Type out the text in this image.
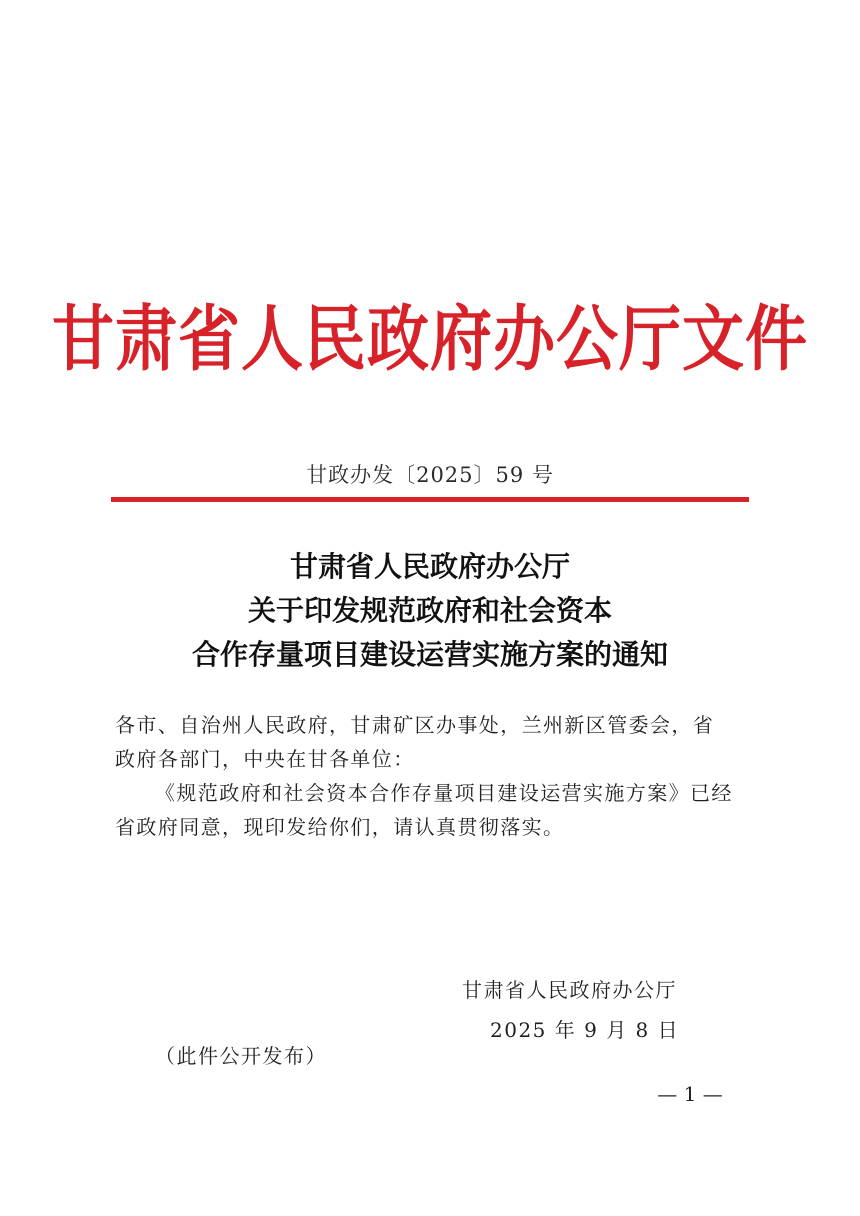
甘肃省人民政府办公厅文件
甘政办发〔2025〕59 号
甘肃省人民政府办公厅
关于印发规范政府和社会资本
合作存量项目建设运营实施方案的通知

各市、自治州人民政府，甘肃矿区办事处，兰州新区管委会，省

政府各部门，中央在甘各单位：

《规范政府和社会资本合作存量项目建设运营实施方案》已经省政府同意，现印发给你们，请认真贯彻落实。

甘肃省人民政府办公厅
2025 年 9 月 8 日
（此件公开发布）
— 1 —
